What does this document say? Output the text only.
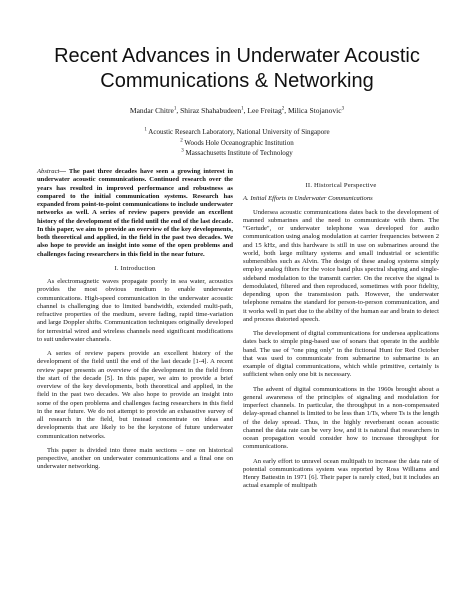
Recent Advances in Underwater Acoustic
Communications & Networking
Mandar Chitre$^1$, Shiraz Shahabudeen$^1$, Lee Freitag$^2$, Milica Stojanovic$^3$
$^1$ Acoustic Research Laboratory, National University of Singapore
$^2$ Woods Hole Oceanographic Institution
$^3$ Massachusetts Institute of Technology

Abstract— The past three decades have seen a growing interest in underwater acoustic communications. Continued research over the years has resulted in improved performance and robustness as compared to the initial communication systems. Research has expanded from point-to-point communications to include underwater networks as well. A series of review papers provide an excellent history of the development of the field until the end of the last decade. In this paper, we aim to provide an overview of the key developments, both theoretical and applied, in the field in the past two decades. We also hope to provide an insight into some of the open problems and challenges facing researchers in this field in the near future.

I. Introduction

As electromagnetic waves propagate poorly in sea water, acoustics provides the most obvious medium to enable underwater communications. High-speed communication in the underwater acoustic channel is challenging due to limited bandwidth, extended multi-path, refractive properties of the medium, severe fading, rapid time-variation and large Doppler shifts. Communication techniques originally developed for terrestrial wired and wireless channels need significant modifications to suit underwater channels.

A series of review papers provide an excellent history of the development of the field until the end of the last decade [1-4]. A recent review paper presents an overview of the development in the field from the start of the decade [5]. In this paper, we aim to provide a brief overview of the key developments, both theoretical and applied, in the field in the past two decades. We also hope to provide an insight into some of the open problems and challenges facing researchers in this field in the near future. We do not attempt to provide an exhaustive survey of all research in the field, but instead concentrate on ideas and developments that are likely to be the keystone of future underwater communication networks.

This paper is divided into three main sections – one on historical perspective, another on underwater communications and a final one on underwater networking.

II. Historical Perspective
A. Initial Efforts in Underwater Communications

Undersea acoustic communications dates back to the development of manned submarines and the need to communicate with them. The "Gertude", or underwater telephone was developed for audio communication using analog modulation at carrier frequencies between 2 and 15 kHz, and this hardware is still in use on submarines around the world, both large military systems and small industrial or scientific submersibles such as Alvin. The design of these analog systems simply employ analog filters for the voice band plus spectral shaping and single-sideband modulation to the transmit carrier. On the receive the signal is demodulated, filtered and then reproduced, sometimes with poor fidelity, depending upon the transmission path. However, the underwater telephone remains the standard for person-to-person communication, and it works well in part due to the ability of the human ear and brain to detect and process distorted speech.

The development of digital communications for undersea applications dates back to simple ping-based use of sonars that operate in the audible band. The use of "one ping only" in the fictional Hunt for Red October that was used to communicate from submarine to submarine is an example of digital communications, which while primitive, certainly is sufficient when only one bit is necessary.

The advent of digital communications in the 1960s brought about a general awareness of the principles of signaling and modulation for imperfect channels. In particular, the throughput in a non-compensated delay-spread channel is limited to be less than 1/Ts, where Ts is the length of the delay spread. Thus, in the highly reverberant ocean acoustic channel the data rate can be very low, and it is natural that researchers in ocean propagation would consider how to increase throughput for communications.

An early effort to unravel ocean multipath to increase the data rate of potential communications system was reported by Ross Williams and Henry Battestin in 1971 [6]. Their paper is rarely cited, but it includes an actual example of multipath
